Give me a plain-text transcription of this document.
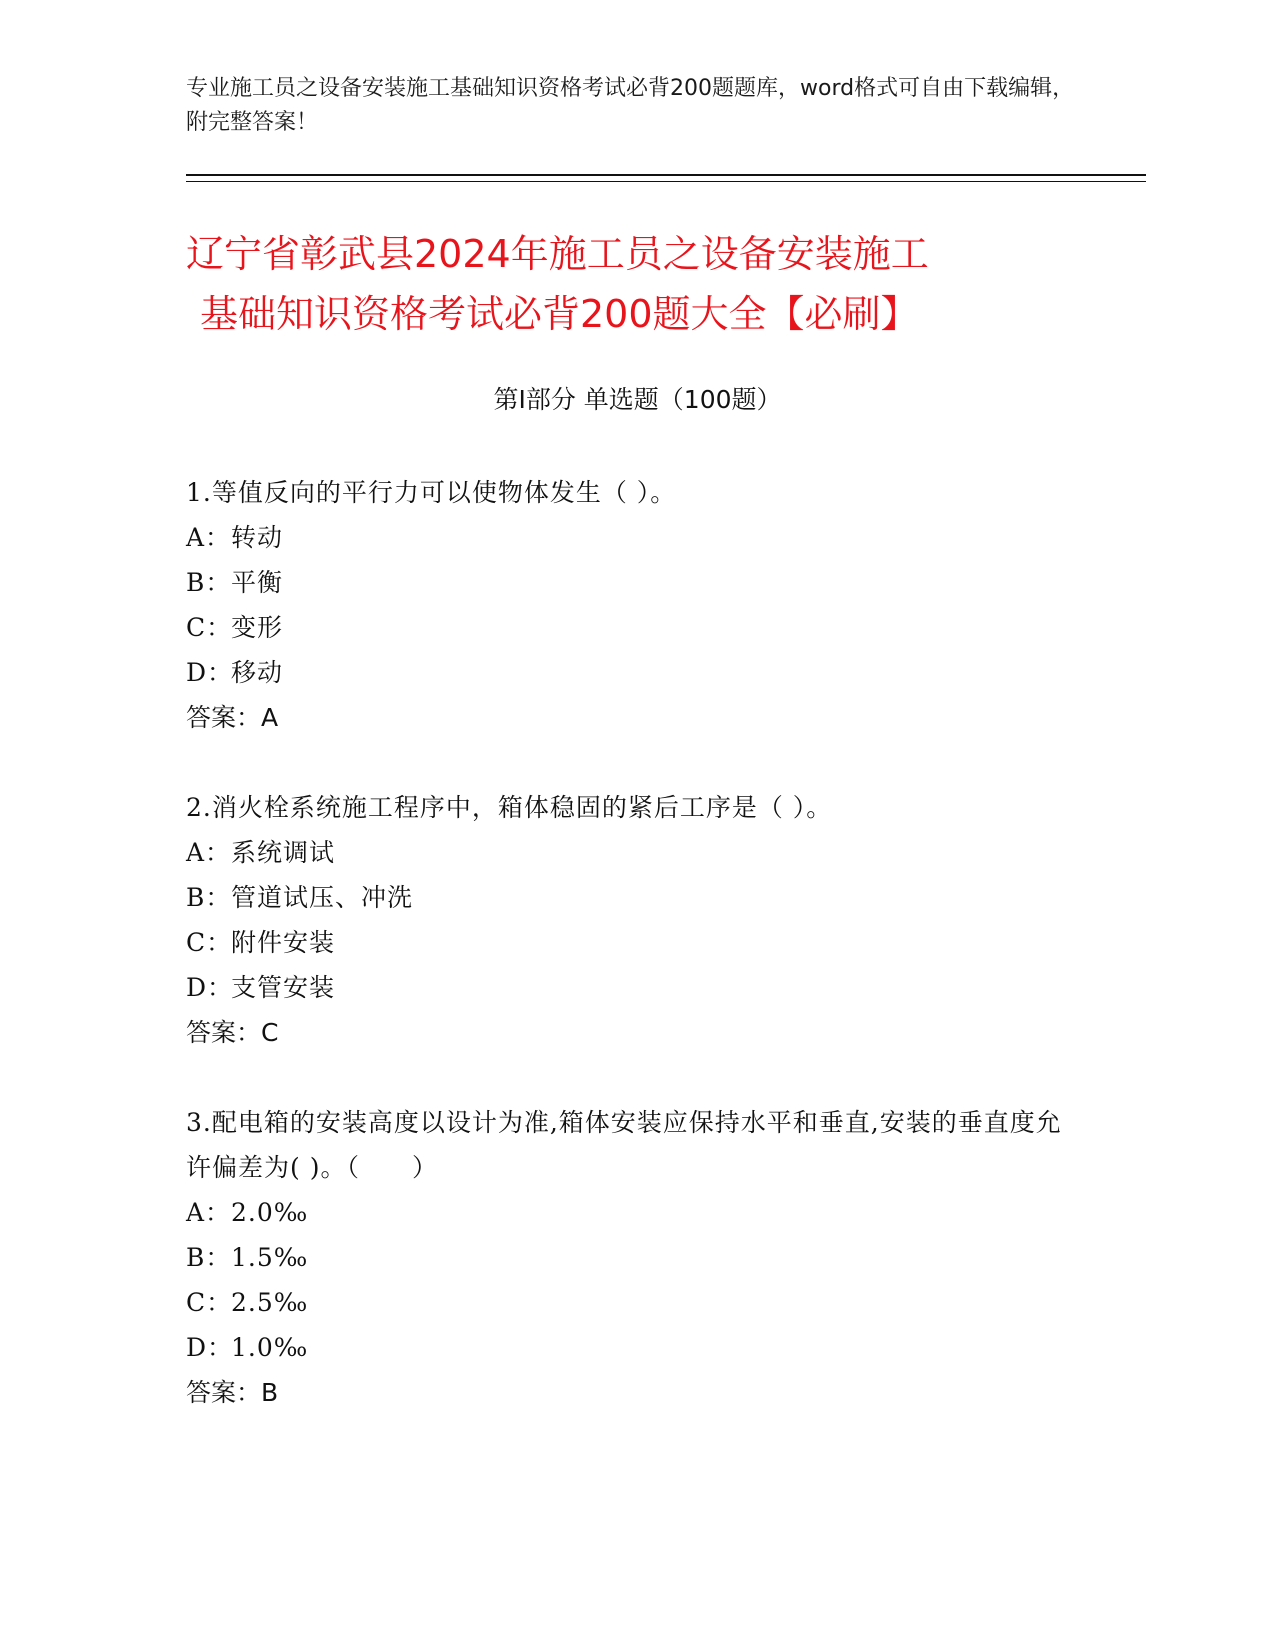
专业施工员之设备安装施工基础知识资格考试必背200题题库，word格式可自由下载编辑，附完整答案！
辽宁省彰武县2024年施工员之设备安装施工
基础知识资格考试必背200题大全【必刷】
第Ⅰ部分 单选题（100题）
1.等值反向的平行力可以使物体发生（ ）。
A：转动
B：平衡
C：变形
D：移动
答案：A
2.消火栓系统施工程序中，箱体稳固的紧后工序是（ ）。
A：系统调试
B：管道试压、冲洗
C：附件安装
D：支管安装
答案：C
3.配电箱的安装高度以设计为准,箱体安装应保持水平和垂直,安装的垂直度允许偏差为( )。（　　）
A：2.0‰
B：1.5‰
C：2.5‰
D：1.0‰
答案：B
